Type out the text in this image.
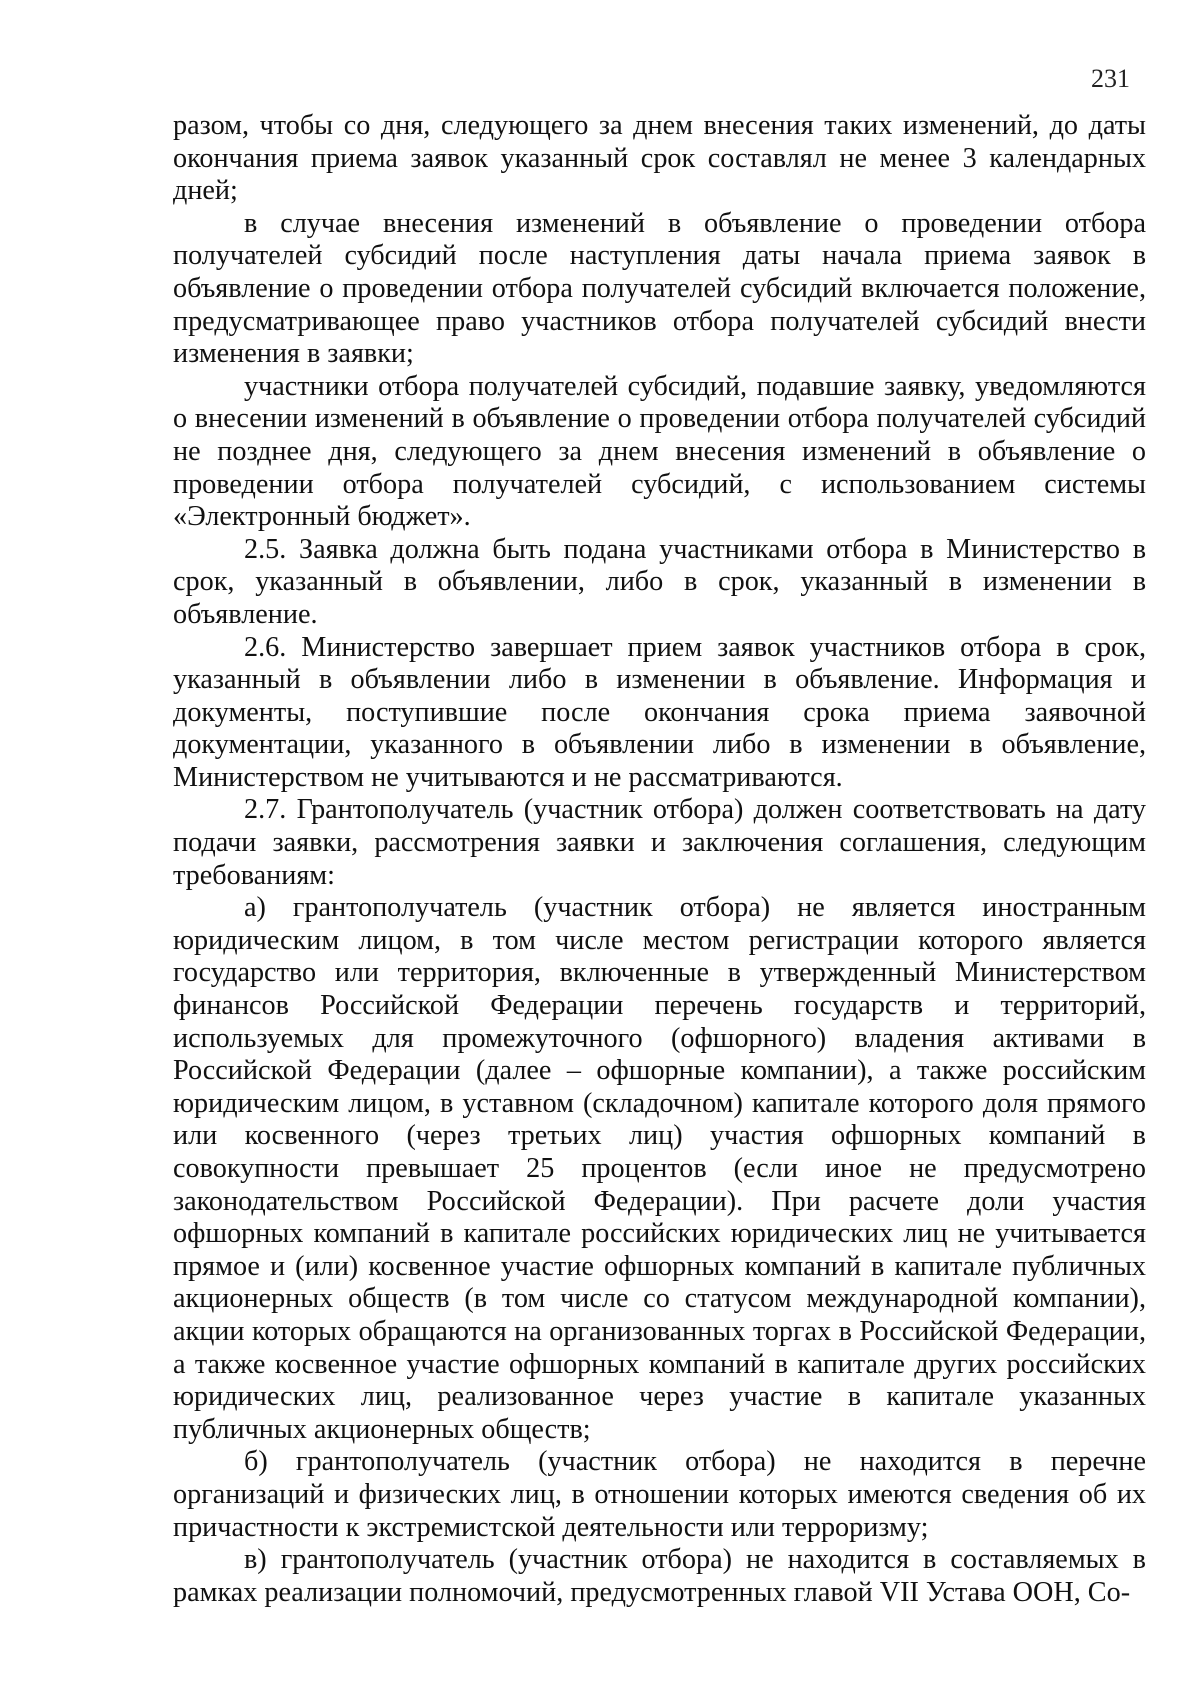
231

разом, чтобы со дня, следующего за днем внесения таких изменений, до даты окончания приема заявок указанный срок составлял не менее 3 календарных дней;

в случае внесения изменений в объявление о проведении отбора получателей субсидий после наступления даты начала приема заявок в объявление о проведении отбора получателей субсидий включается положение, предусматривающее право участников отбора получателей субсидий внести изменения в заявки;

участники отбора получателей субсидий, подавшие заявку, уведомляются о внесении изменений в объявление о проведении отбора получателей субсидий не позднее дня, следующего за днем внесения изменений в объявление о проведении отбора получателей субсидий, с использованием системы «Электронный бюджет».

2.5. Заявка должна быть подана участниками отбора в Министерство в срок, указанный в объявлении, либо в срок, указанный в изменении в объявление.

2.6. Министерство завершает прием заявок участников отбора в срок, указанный в объявлении либо в изменении в объявление. Информация и документы, поступившие после окончания срока приема заявочной документации, указанного в объявлении либо в изменении в объявление, Министерством не учитываются и не рассматриваются.

2.7. Грантополучатель (участник отбора) должен соответствовать на дату подачи заявки, рассмотрения заявки и заключения соглашения, следующим требованиям:

а) грантополучатель (участник отбора) не является иностранным юридическим лицом, в том числе местом регистрации которого является государство или территория, включенные в утвержденный Министерством финансов Российской Федерации перечень государств и территорий, используемых для промежуточного (офшорного) владения активами в Российской Федерации (далее – офшорные компании), а также российским юридическим лицом, в уставном (складочном) капитале которого доля прямого или косвенного (через третьих лиц) участия офшорных компаний в совокупности превышает 25 процентов (если иное не предусмотрено законодательством Российской Федерации). При расчете доли участия офшорных компаний в капитале российских юридических лиц не учитывается прямое и (или) косвенное участие офшорных компаний в капитале публичных акционерных обществ (в том числе со статусом международной компании), акции которых обращаются на организованных торгах в Российской Федерации, а также косвенное участие офшорных компаний в капитале других российских юридических лиц, реализованное через участие в капитале указанных публичных акционерных обществ;

б) грантополучатель (участник отбора) не находится в перечне организаций и физических лиц, в отношении которых имеются сведения об их причастности к экстремистской деятельности или терроризму;

в) грантополучатель (участник отбора) не находится в составляемых в рамках реализации полномочий, предусмотренных главой VII Устава ООН, Со-
